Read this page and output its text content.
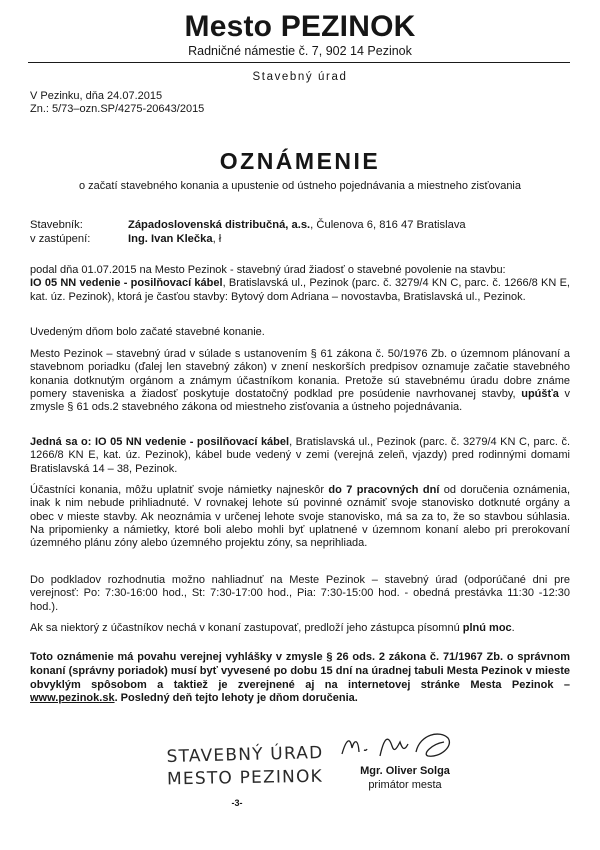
Mesto PEZINOK
Radničné námestie č. 7, 902 14 Pezinok
Stavebný úrad
V Pezinku, dňa 24.07.2015
Zn.: 5/73–ozn.SP/4275-20643/2015
OZNÁMENIE
o začatí stavebného konania a upustenie od ústneho pojednávania a miestneho zisťovania
Stavebník:	Západoslovenská distribučná, a.s., Čulenova 6, 816 47 Bratislava
v zastúpení:	Ing. Ivan Klečka, ł
podal dňa 01.07.2015 na Mesto Pezinok - stavebný úrad žiadosť o stavebné povolenie na stavbu:
IO 05 NN vedenie - posilňovací kábel, Bratislavská ul., Pezinok (parc. č. 3279/4 KN C, parc. č. 1266/8 KN E, kat. úz. Pezinok), ktorá je časťou stavby: Bytový dom Adriana – novostavba, Bratislavská ul., Pezinok.
Uvedeným dňom bolo začaté stavebné konanie.
Mesto Pezinok – stavebný úrad v súlade s ustanovením § 61 zákona č. 50/1976 Zb. o územnom plánovaní a stavebnom poriadku (ďalej len stavebný zákon) v znení neskorších predpisov oznamuje začatie stavebného konania dotknutým orgánom a známym účastníkom konania. Pretože sú stavebnému úradu dobre známe pomery staveniska a žiadosť poskytuje dostatočný podklad pre posúdenie navrhovanej stavby, upúšťa v zmysle § 61 ods.2 stavebného zákona od miestneho zisťovania a ústneho pojednávania.
Jedná sa o: IO 05 NN vedenie - posilňovací kábel, Bratislavská ul., Pezinok (parc. č. 3279/4 KN C, parc. č. 1266/8 KN E, kat. úz. Pezinok), kábel bude vedený v zemi (verejná zeleň, vjazdy) pred rodinnými domami Bratislavská 14 – 38, Pezinok.
Účastníci konania, môžu uplatniť svoje námietky najneskôr do 7 pracovných dní od doručenia oznámenia, inak k nim nebude prihliadnuté. V rovnakej lehote sú povinné oznámiť svoje stanovisko dotknuté orgány a obec v mieste stavby. Ak neoznámia v určenej lehote svoje stanovisko, má sa za to, že so stavbou súhlasia. Na pripomienky a námietky, ktoré boli alebo mohli byť uplatnené v územnom konaní alebo pri prerokovaní územného plánu zóny alebo územného projektu zóny, sa neprihliada.
Do podkladov rozhodnutia možno nahliadnuť na Meste Pezinok – stavebný úrad (odporúčané dni pre verejnosť: Po: 7:30-16:00 hod., St: 7:30-17:00 hod., Pia: 7:30-15:00 hod. - obedná prestávka 11:30 -12:30 hod.).
Ak sa niektorý z účastníkov nechá v konaní zastupovať, predloží jeho zástupca písomnú plnú moc.
Toto oznámenie má povahu verejnej vyhlášky v zmysle § 26 ods. 2 zákona č. 71/1967 Zb. o správnom konaní (správny poriadok) musí byť vyvesené po dobu 15 dní na úradnej tabuli Mesta Pezinok v mieste obvyklým spôsobom a taktiež je zverejnené aj na internetovej stránke Mesta Pezinok – www.pezinok.sk. Posledný deň tejto lehoty je dňom doručenia.
STAVEBNÝ ÚRAD
MESTO PEZINOK	Mgr. Oliver Solga
primátor mesta
-3-
